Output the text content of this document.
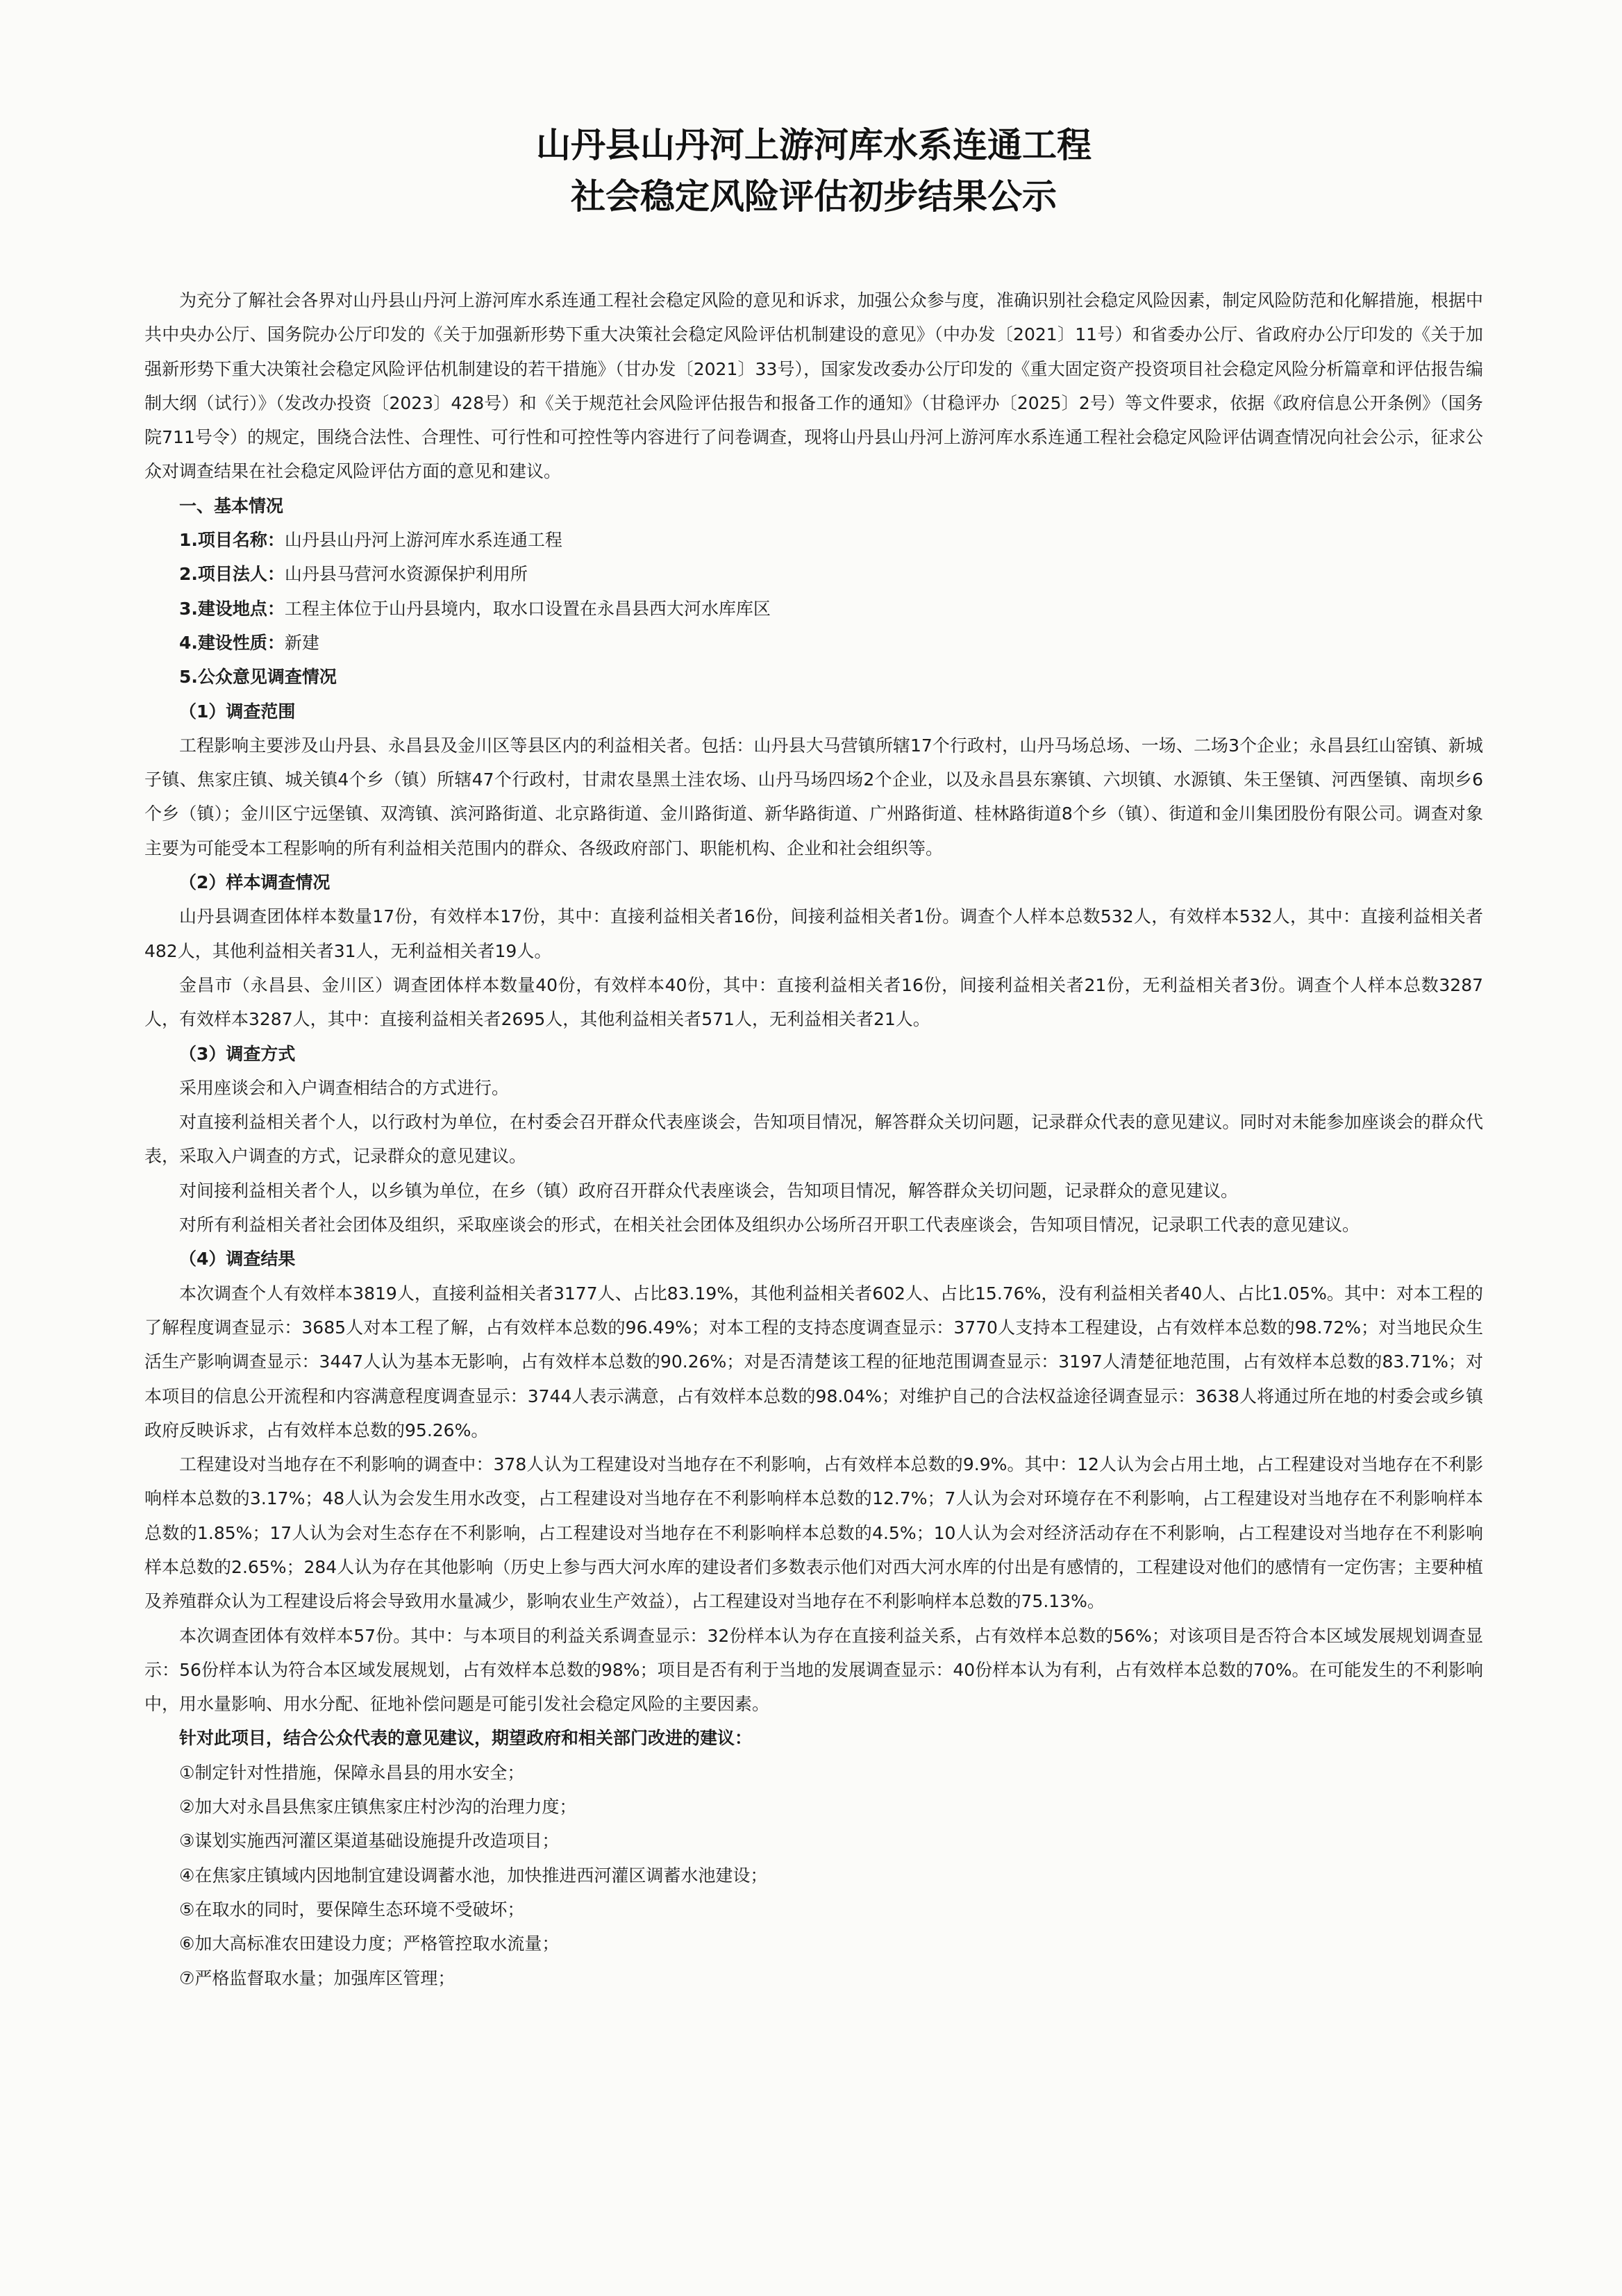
山丹县山丹河上游河库水系连通工程
社会稳定风险评估初步结果公示

为充分了解社会各界对山丹县山丹河上游河库水系连通工程社会稳定风险的意见和诉求，加强公众参与度，准确识别社会稳定风险因素，制定风险防范和化解措施，根据中共中央办公厅、国务院办公厅印发的《关于加强新形势下重大决策社会稳定风险评估机制建设的意见》（中办发〔2021〕11号）和省委办公厅、省政府办公厅印发的《关于加强新形势下重大决策社会稳定风险评估机制建设的若干措施》（甘办发〔2021〕33号），国家发改委办公厅印发的《重大固定资产投资项目社会稳定风险分析篇章和评估报告编制大纲（试行）》（发改办投资〔2023〕428号）和《关于规范社会风险评估报告和报备工作的通知》（甘稳评办〔2025〕2号）等文件要求，依据《政府信息公开条例》（国务院711号令）的规定，围绕合法性、合理性、可行性和可控性等内容进行了问卷调查，现将山丹县山丹河上游河库水系连通工程社会稳定风险评估调查情况向社会公示，征求公众对调查结果在社会稳定风险评估方面的意见和建议。

一、基本情况

1.项目名称：山丹县山丹河上游河库水系连通工程

2.项目法人：山丹县马营河水资源保护利用所

3.建设地点：工程主体位于山丹县境内，取水口设置在永昌县西大河水库库区

4.建设性质：新建

5.公众意见调查情况

（1）调查范围

工程影响主要涉及山丹县、永昌县及金川区等县区内的利益相关者。包括：山丹县大马营镇所辖17个行政村，山丹马场总场、一场、二场3个企业；永昌县红山窑镇、新城子镇、焦家庄镇、城关镇4个乡（镇）所辖47个行政村，甘肃农垦黑土洼农场、山丹马场四场2个企业，以及永昌县东寨镇、六坝镇、水源镇、朱王堡镇、河西堡镇、南坝乡6个乡（镇）；金川区宁远堡镇、双湾镇、滨河路街道、北京路街道、金川路街道、新华路街道、广州路街道、桂林路街道8个乡（镇）、街道和金川集团股份有限公司。调查对象主要为可能受本工程影响的所有利益相关范围内的群众、各级政府部门、职能机构、企业和社会组织等。

（2）样本调查情况

山丹县调查团体样本数量17份，有效样本17份，其中：直接利益相关者16份，间接利益相关者1份。调查个人样本总数532人，有效样本532人，其中：直接利益相关者482人，其他利益相关者31人，无利益相关者19人。

金昌市（永昌县、金川区）调查团体样本数量40份，有效样本40份，其中：直接利益相关者16份，间接利益相关者21份，无利益相关者3份。调查个人样本总数3287人，有效样本3287人，其中：直接利益相关者2695人，其他利益相关者571人，无利益相关者21人。

（3）调查方式

采用座谈会和入户调查相结合的方式进行。

对直接利益相关者个人，以行政村为单位，在村委会召开群众代表座谈会，告知项目情况，解答群众关切问题，记录群众代表的意见建议。同时对未能参加座谈会的群众代表，采取入户调查的方式，记录群众的意见建议。

对间接利益相关者个人，以乡镇为单位，在乡（镇）政府召开群众代表座谈会，告知项目情况，解答群众关切问题，记录群众的意见建议。

对所有利益相关者社会团体及组织，采取座谈会的形式，在相关社会团体及组织办公场所召开职工代表座谈会，告知项目情况，记录职工代表的意见建议。

（4）调查结果

本次调查个人有效样本3819人，直接利益相关者3177人、占比83.19%，其他利益相关者602人、占比15.76%，没有利益相关者40人、占比1.05%。其中：对本工程的了解程度调查显示：3685人对本工程了解，占有效样本总数的96.49%；对本工程的支持态度调查显示：3770人支持本工程建设，占有效样本总数的98.72%；对当地民众生活生产影响调查显示：3447人认为基本无影响，占有效样本总数的90.26%；对是否清楚该工程的征地范围调查显示：3197人清楚征地范围，占有效样本总数的83.71%；对本项目的信息公开流程和内容满意程度调查显示：3744人表示满意，占有效样本总数的98.04%；对维护自己的合法权益途径调查显示：3638人将通过所在地的村委会或乡镇政府反映诉求，占有效样本总数的95.26%。

工程建设对当地存在不利影响的调查中：378人认为工程建设对当地存在不利影响，占有效样本总数的9.9%。其中：12人认为会占用土地，占工程建设对当地存在不利影响样本总数的3.17%；48人认为会发生用水改变，占工程建设对当地存在不利影响样本总数的12.7%；7人认为会对环境存在不利影响，占工程建设对当地存在不利影响样本总数的1.85%；17人认为会对生态存在不利影响，占工程建设对当地存在不利影响样本总数的4.5%；10人认为会对经济活动存在不利影响，占工程建设对当地存在不利影响样本总数的2.65%；284人认为存在其他影响（历史上参与西大河水库的建设者们多数表示他们对西大河水库的付出是有感情的，工程建设对他们的感情有一定伤害；主要种植及养殖群众认为工程建设后将会导致用水量减少，影响农业生产效益），占工程建设对当地存在不利影响样本总数的75.13%。

本次调查团体有效样本57份。其中：与本项目的利益关系调查显示：32份样本认为存在直接利益关系，占有效样本总数的56%；对该项目是否符合本区域发展规划调查显示：56份样本认为符合本区域发展规划，占有效样本总数的98%；项目是否有利于当地的发展调查显示：40份样本认为有利，占有效样本总数的70%。在可能发生的不利影响中，用水量影响、用水分配、征地补偿问题是可能引发社会稳定风险的主要因素。

针对此项目，结合公众代表的意见建议，期望政府和相关部门改进的建议：

①制定针对性措施，保障永昌县的用水安全；

②加大对永昌县焦家庄镇焦家庄村沙沟的治理力度；

③谋划实施西河灌区渠道基础设施提升改造项目；

④在焦家庄镇域内因地制宜建设调蓄水池，加快推进西河灌区调蓄水池建设；

⑤在取水的同时，要保障生态环境不受破坏；

⑥加大高标准农田建设力度；严格管控取水流量；

⑦严格监督取水量；加强库区管理；
